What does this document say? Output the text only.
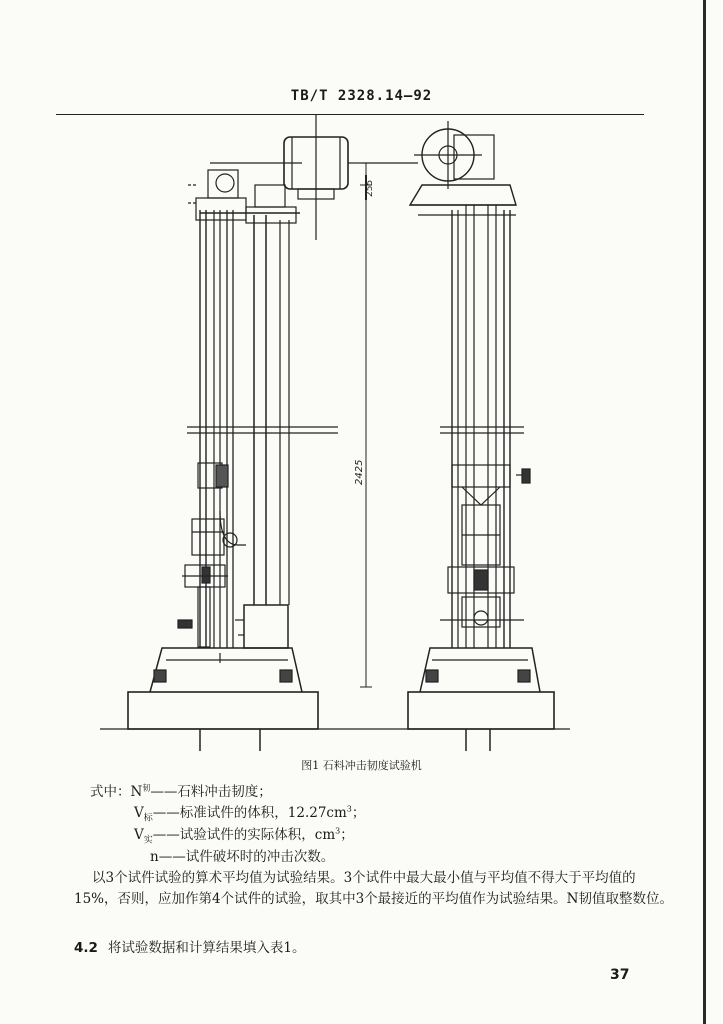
TB/T 2328.14—92
255
2425
图1 石料冲击韧度试验机
式中：$N^韧——$石料冲击韧度；
$V_标——$标准试件的体积，$12.27cm^3$；
$V_实——$试验试件的实际体积，$cm^3$；
n——试件破坏时的冲击次数。
以3个试件试验的算术平均值为试验结果。3个试件中最大最小值与平均值不得大于平均值的15%，否则，应加作第4个试件的试验，取其中3个最接近的平均值作为试验结果。N韧值取整数位。
4.2 将试验数据和计算结果填入表1。
37
